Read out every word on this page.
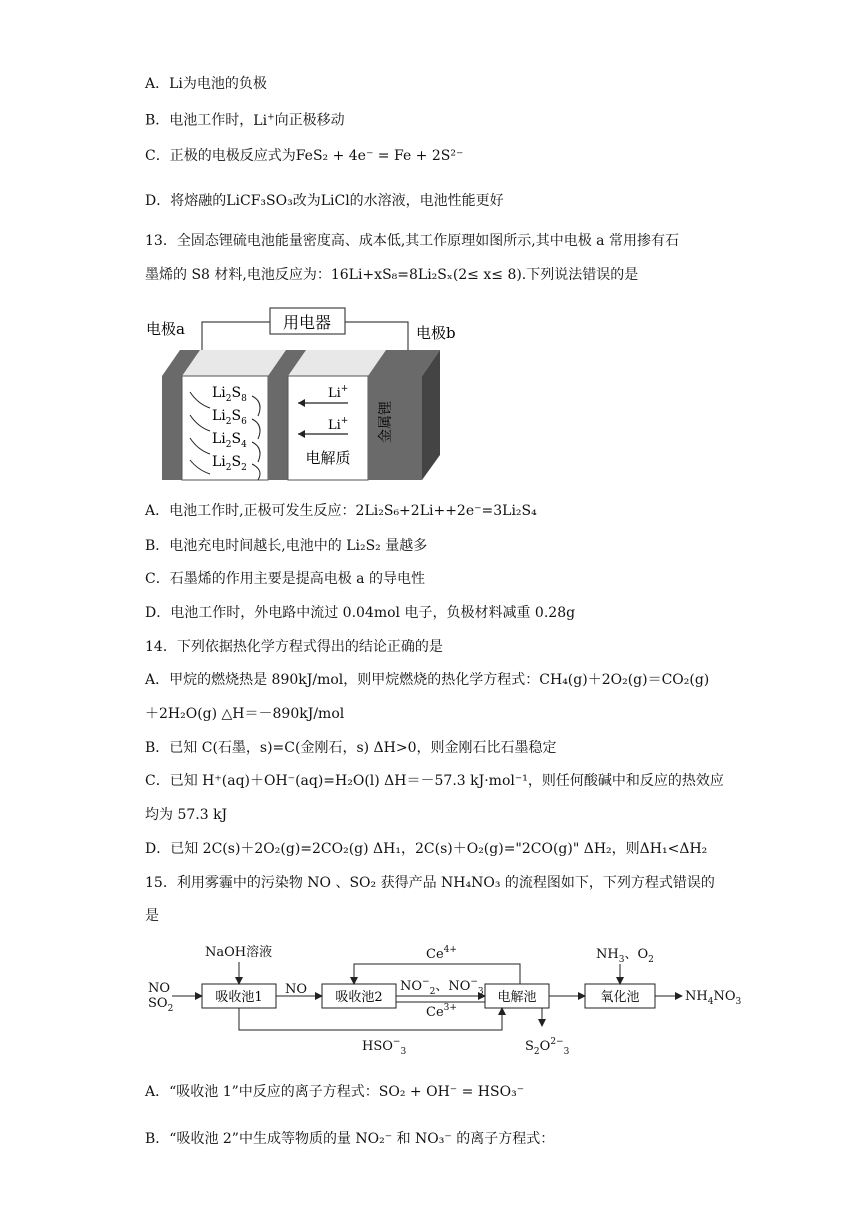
A．Li为电池的负极
B．电池工作时，Li+向正极移动
C．正极的电极反应式为FeS₂ + 4e⁻ = Fe + 2S²⁻
D．将熔融的LiCF₃SO₃改为LiCl的水溶液，电池性能更好
13．全固态锂硫电池能量密度高、成本低,其工作原理如图所示,其中电极 a 常用掺有石
墨烯的 S8 材料,电池反应为：16Li+xS₈=8Li₂Sₓ(2≤ x≤ 8).下列说法错误的是
用电器
电极a	电极b
$Li_2S_8$
$Li_2S_6$
$Li_2S_4$
$Li_2S_2$
Li+
Li+
电解质
金属锂
A．电池工作时,正极可发生反应：2Li₂S₆+2Li++2e⁻=3Li₂S₄
B．电池充电时间越长,电池中的 Li₂S₂ 量越多
C．石墨烯的作用主要是提高电极 a 的导电性
D．电池工作时，外电路中流过 0.04mol 电子，负极材料减重 0.28g
14．下列依据热化学方程式得出的结论正确的是
A．甲烷的燃烧热是 890kJ/mol，则甲烷燃烧的热化学方程式：CH₄(g)＋2O₂(g)＝CO₂(g)
＋2H₂O(g) △H＝－890kJ/mol
B．已知 C(石墨，s)=C(金刚石，s) ΔH>0，则金刚石比石墨稳定
C．已知 H⁺(aq)＋OH⁻(aq)=H₂O(l) ΔH＝－57.3 kJ·mol⁻¹，则任何酸碱中和反应的热效应
均为 57.3 kJ
D．已知 2C(s)＋2O₂(g)=2CO₂(g) ΔH₁，2C(s)＋O₂(g)="2CO(g)" ΔH₂，则ΔH₁<ΔH₂
15．利用雾霾中的污染物 NO 、SO₂ 获得产品 NH₄NO₃ 的流程图如下，下列方程式错误的
是
NO
$SO_2$
NaOH溶液
NO
$Ce^{4+}$
$NO^-_2$、$NO^-_3$
$Ce^{3+}$
$S_2O^{2-}_3$
$HSO^-_3$
$NH_3$、$O_2$
$NH_4NO_3$
吸收池1	吸收池2	电解池	氧化池
A．“吸收池 1”中反应的离子方程式：SO₂ + OH⁻ = HSO₃⁻
B．“吸收池 2”中生成等物质的量 NO₂⁻ 和 NO₃⁻ 的离子方程式：
